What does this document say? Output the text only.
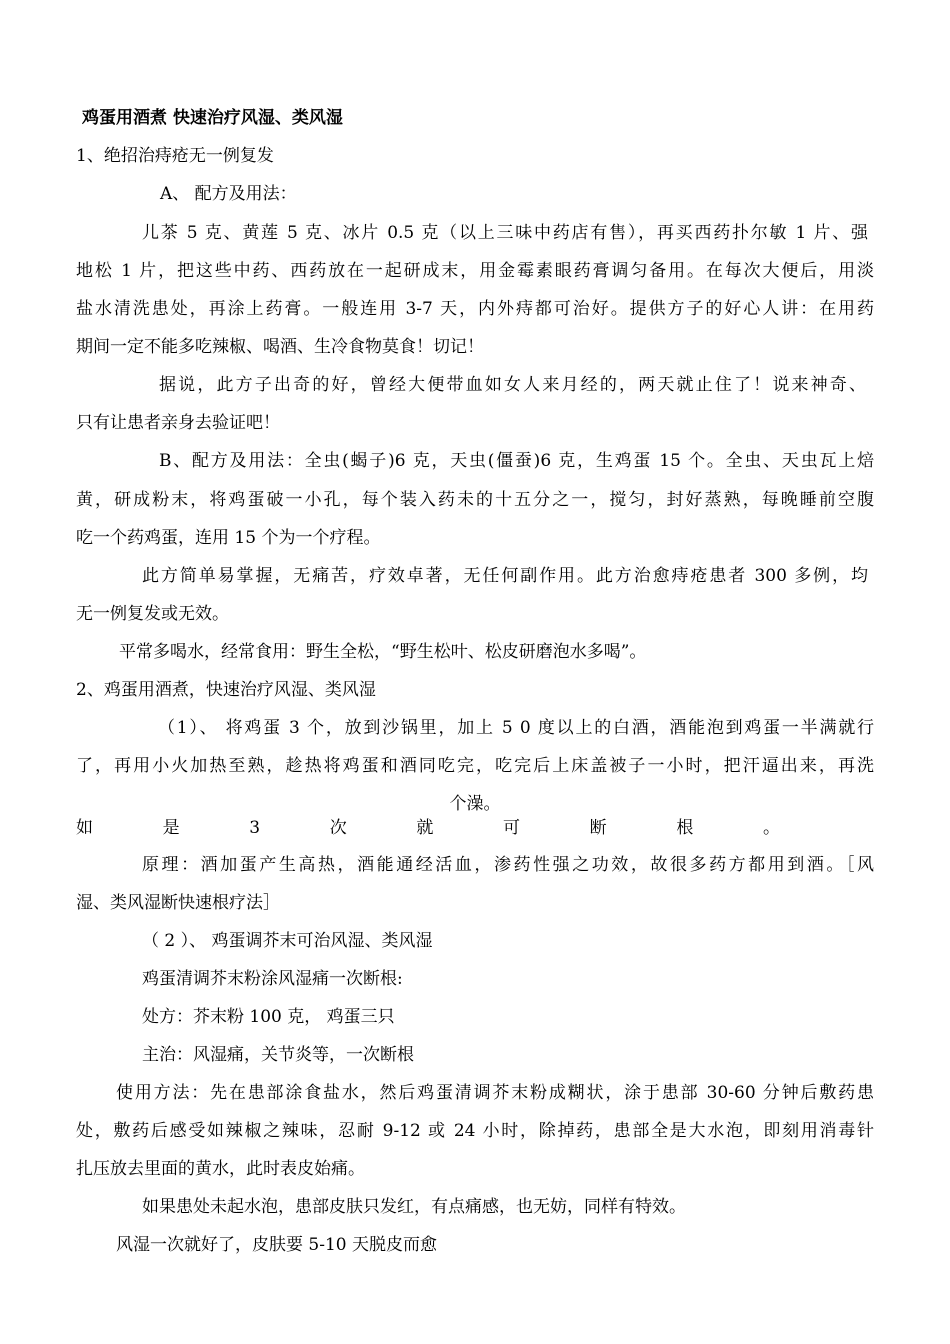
鸡蛋用酒煮 快速治疗风湿、类风湿
1、绝招治痔疮无一例复发
A、 配方及用法：
儿茶 5 克、黄莲 5 克、冰片 0.5 克（以上三味中药店有售），再买西药扑尔敏 1 片、强
地松 1 片，把这些中药、西药放在一起研成末，用金霉素眼药膏调匀备用。在每次大便后，用淡
盐水清洗患处，再涂上药膏。一般连用 3-7 天，内外痔都可治好。提供方子的好心人讲：在用药
期间一定不能多吃辣椒、喝酒、生冷食物莫食！切记！
据说，此方子出奇的好，曾经大便带血如女人来月经的，两天就止住了！说来神奇、
只有让患者亲身去验证吧！
B、配方及用法：全虫(蝎子)6 克，天虫(僵蚕)6 克，生鸡蛋 15 个。全虫、天虫瓦上焙
黄，研成粉末，将鸡蛋破一小孔，每个装入药未的十五分之一，搅匀，封好蒸熟，每晚睡前空腹
吃一个药鸡蛋，连用 15 个为一个疗程。
此方简单易掌握，无痛苦，疗效卓著，无任何副作用。此方治愈痔疮患者 300 多例，均
无一例复发或无效。
平常多喝水，经常食用：野生全松，“野生松叶、松皮研磨泡水多喝”。
2、鸡蛋用酒煮，快速治疗风湿、类风湿
（1）、 将鸡蛋 3 个，放到沙锅里，加上 5 0 度以上的白酒，酒能泡到鸡蛋一半满就行
了，再用小火加热至熟，趁热将鸡蛋和酒同吃完，吃完后上床盖被子一小时，把汗逼出来，再洗
个澡。
如	是	3	次	就	可	断	根	。
原理：酒加蛋产生高热，酒能通经活血，渗药性强之功效，故很多药方都用到酒。［风
湿、类风湿断快速根疗法］
（ 2 ）、 鸡蛋调芥末可治风湿、类风湿
鸡蛋清调芥末粉涂风湿痛一次断根:
处方：芥末粉 100 克， 鸡蛋三只
主治：风湿痛，关节炎等，一次断根
使用方法：先在患部涂食盐水，然后鸡蛋清调芥末粉成糊状，涂于患部 30-60 分钟后敷药患
处，敷药后感受如辣椒之辣味，忍耐 9-12 或 24 小时，除掉药，患部全是大水泡，即刻用消毒针
扎压放去里面的黄水，此时表皮始痛。
如果患处未起水泡，患部皮肤只发红，有点痛感，也无妨，同样有特效。
风湿一次就好了，皮肤要 5-10 天脱皮而愈
